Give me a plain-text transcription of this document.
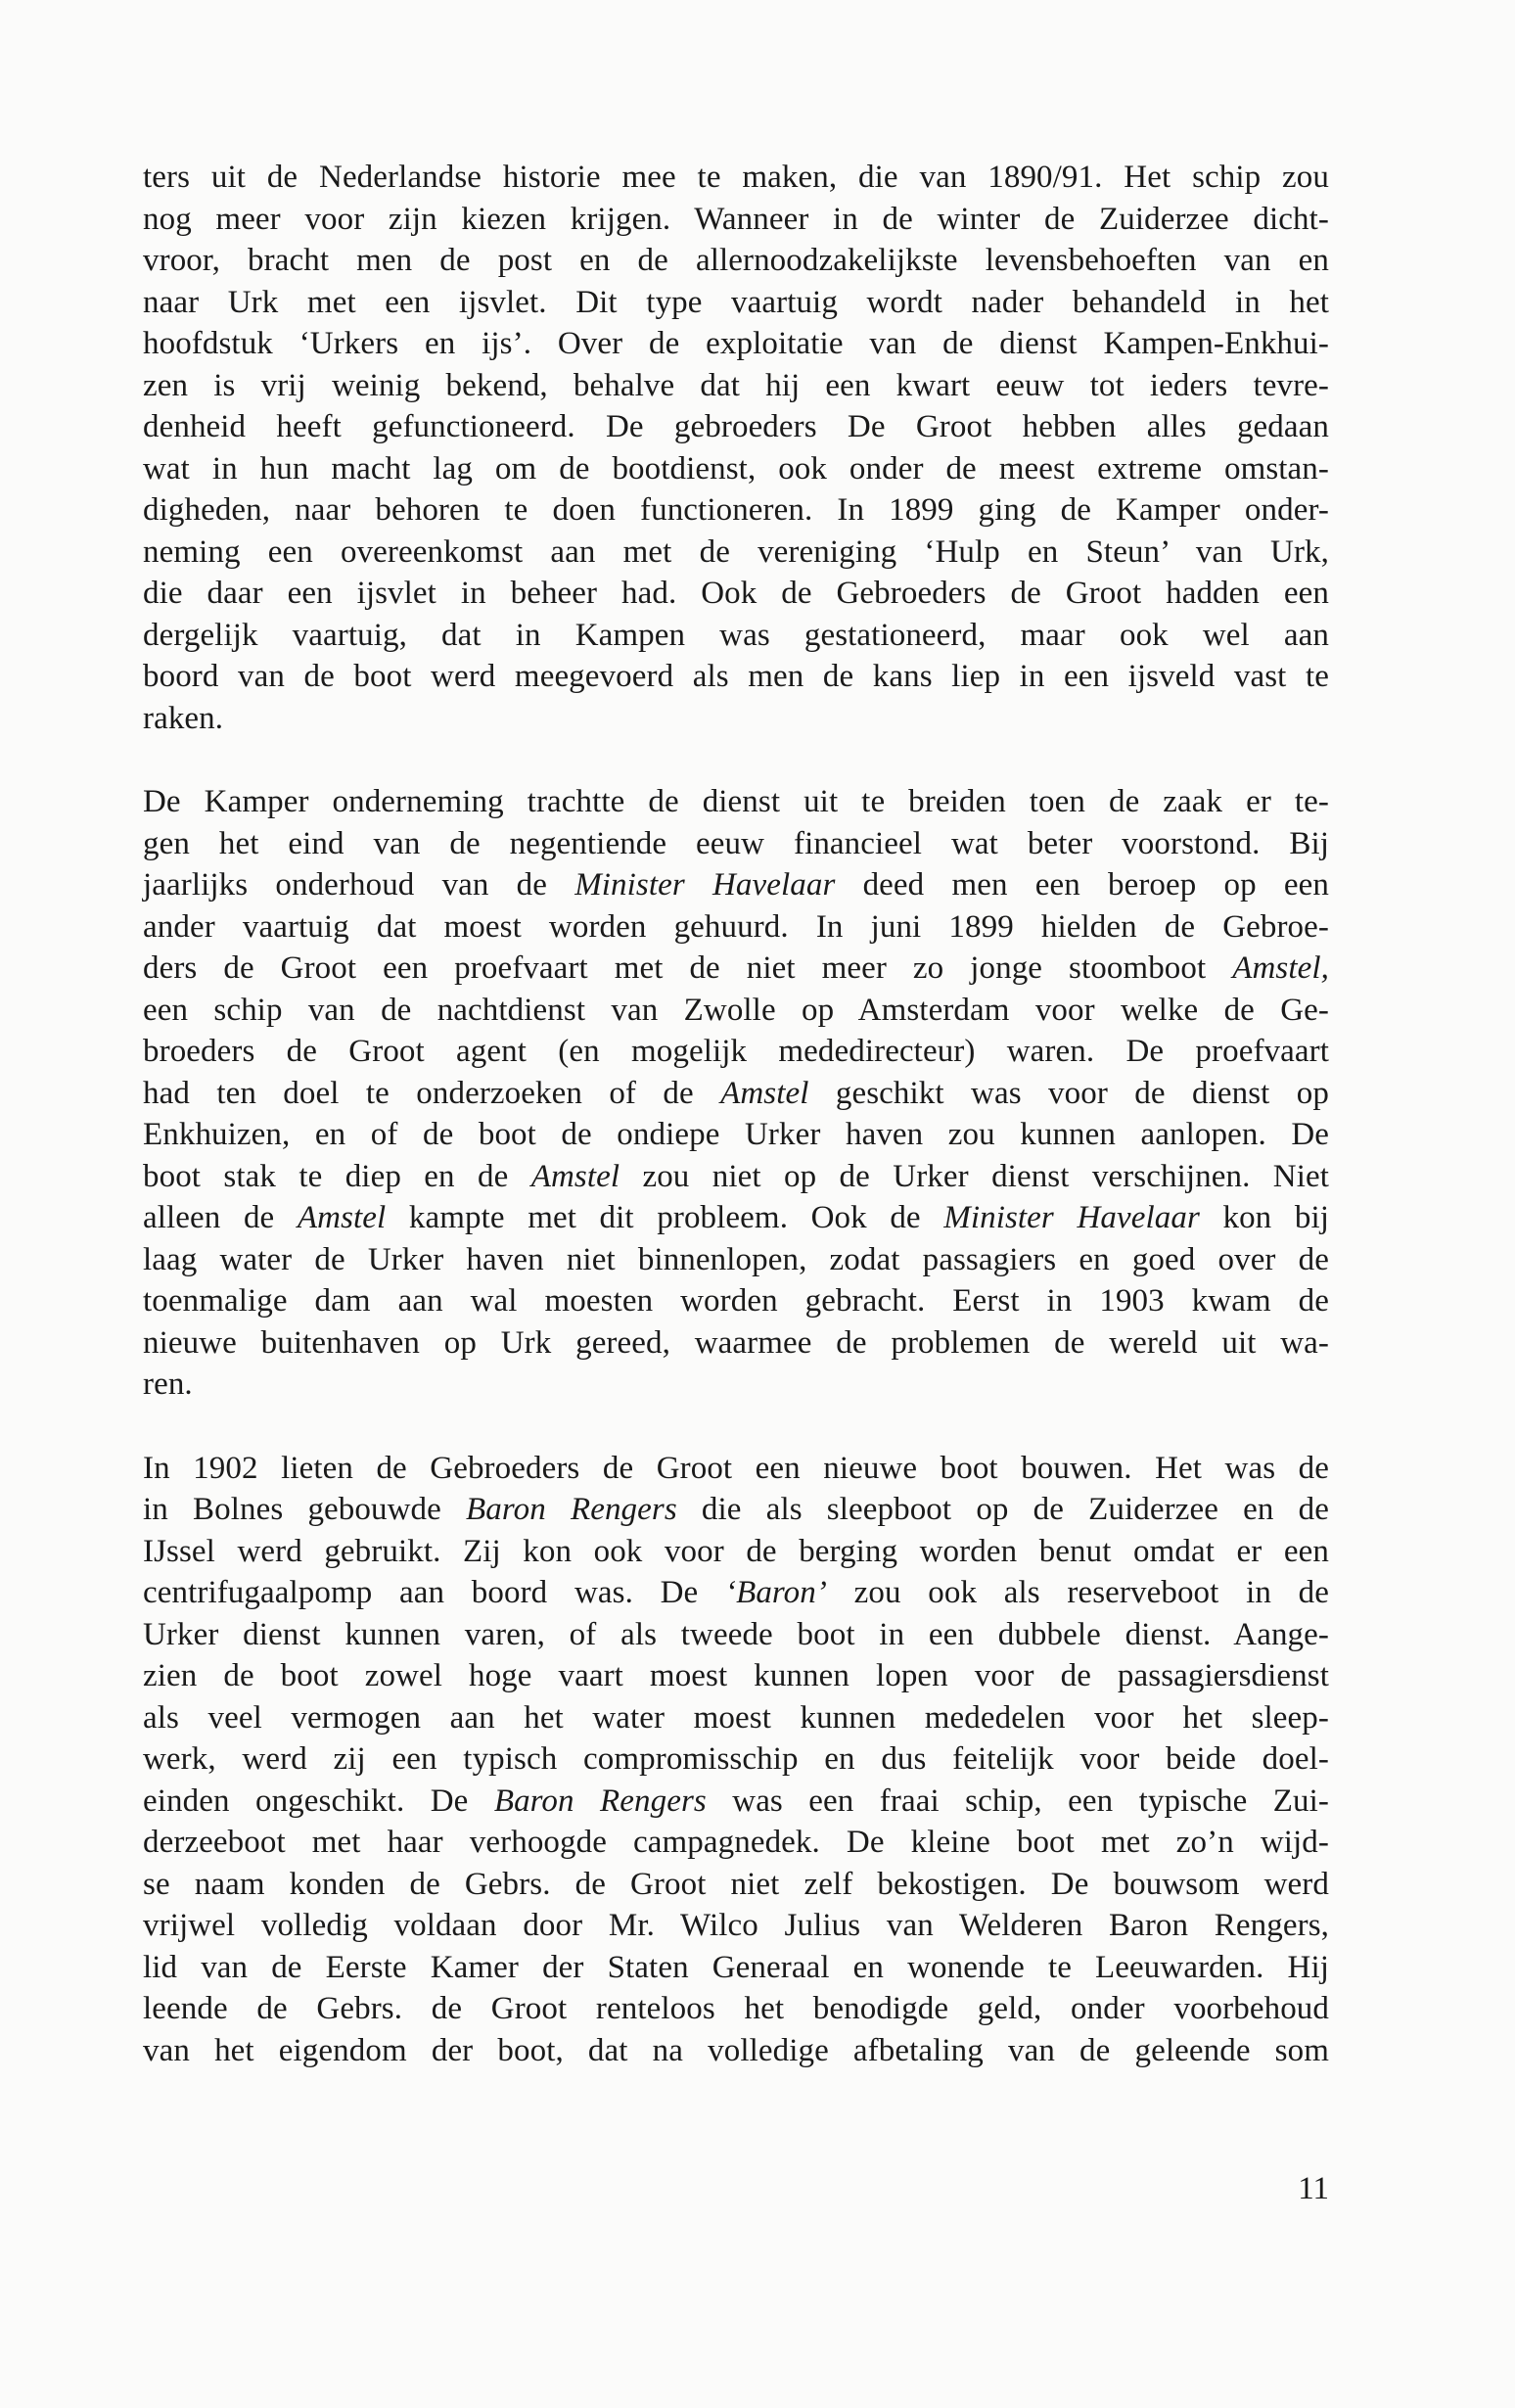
ters uit de Nederlandse historie mee te maken, die van 1890/91. Het schip zou
nog meer voor zijn kiezen krijgen. Wanneer in de winter de Zuiderzee dicht-
vroor, bracht men de post en de allernoodzakelijkste levensbehoeften van en
naar Urk met een ijsvlet. Dit type vaartuig wordt nader behandeld in het
hoofdstuk ‘Urkers en ijs’. Over de exploitatie van de dienst Kampen-Enkhui-
zen is vrij weinig bekend, behalve dat hij een kwart eeuw tot ieders tevre-
denheid heeft gefunctioneerd. De gebroeders De Groot hebben alles gedaan
wat in hun macht lag om de bootdienst, ook onder de meest extreme omstan-
digheden, naar behoren te doen functioneren. In 1899 ging de Kamper onder-
neming een overeenkomst aan met de vereniging ‘Hulp en Steun’ van Urk,
die daar een ijsvlet in beheer had. Ook de Gebroeders de Groot hadden een
dergelijk vaartuig, dat in Kampen was gestationeerd, maar ook wel aan
boord van de boot werd meegevoerd als men de kans liep in een ijsveld vast te
raken.
De Kamper onderneming trachtte de dienst uit te breiden toen de zaak er te-
gen het eind van de negentiende eeuw financieel wat beter voorstond. Bij
jaarlijks onderhoud van de Minister Havelaar deed men een beroep op een
ander vaartuig dat moest worden gehuurd. In juni 1899 hielden de Gebroe-
ders de Groot een proefvaart met de niet meer zo jonge stoomboot Amstel,
een schip van de nachtdienst van Zwolle op Amsterdam voor welke de Ge-
broeders de Groot agent (en mogelijk mededirecteur) waren. De proefvaart
had ten doel te onderzoeken of de Amstel geschikt was voor de dienst op
Enkhuizen, en of de boot de ondiepe Urker haven zou kunnen aanlopen. De
boot stak te diep en de Amstel zou niet op de Urker dienst verschijnen. Niet
alleen de Amstel kampte met dit probleem. Ook de Minister Havelaar kon bij
laag water de Urker haven niet binnenlopen, zodat passagiers en goed over de
toenmalige dam aan wal moesten worden gebracht. Eerst in 1903 kwam de
nieuwe buitenhaven op Urk gereed, waarmee de problemen de wereld uit wa-
ren.
In 1902 lieten de Gebroeders de Groot een nieuwe boot bouwen. Het was de
in Bolnes gebouwde Baron Rengers die als sleepboot op de Zuiderzee en de
IJssel werd gebruikt. Zij kon ook voor de berging worden benut omdat er een
centrifugaalpomp aan boord was. De ‘Baron’ zou ook als reserveboot in de
Urker dienst kunnen varen, of als tweede boot in een dubbele dienst. Aange-
zien de boot zowel hoge vaart moest kunnen lopen voor de passagiersdienst
als veel vermogen aan het water moest kunnen mededelen voor het sleep-
werk, werd zij een typisch compromisschip en dus feitelijk voor beide doel-
einden ongeschikt. De Baron Rengers was een fraai schip, een typische Zui-
derzeeboot met haar verhoogde campagnedek. De kleine boot met zo’n wijd-
se naam konden de Gebrs. de Groot niet zelf bekostigen. De bouwsom werd
vrijwel volledig voldaan door Mr. Wilco Julius van Welderen Baron Rengers,
lid van de Eerste Kamer der Staten Generaal en wonende te Leeuwarden. Hij
leende de Gebrs. de Groot renteloos het benodigde geld, onder voorbehoud
van het eigendom der boot, dat na volledige afbetaling van de geleende som
11
